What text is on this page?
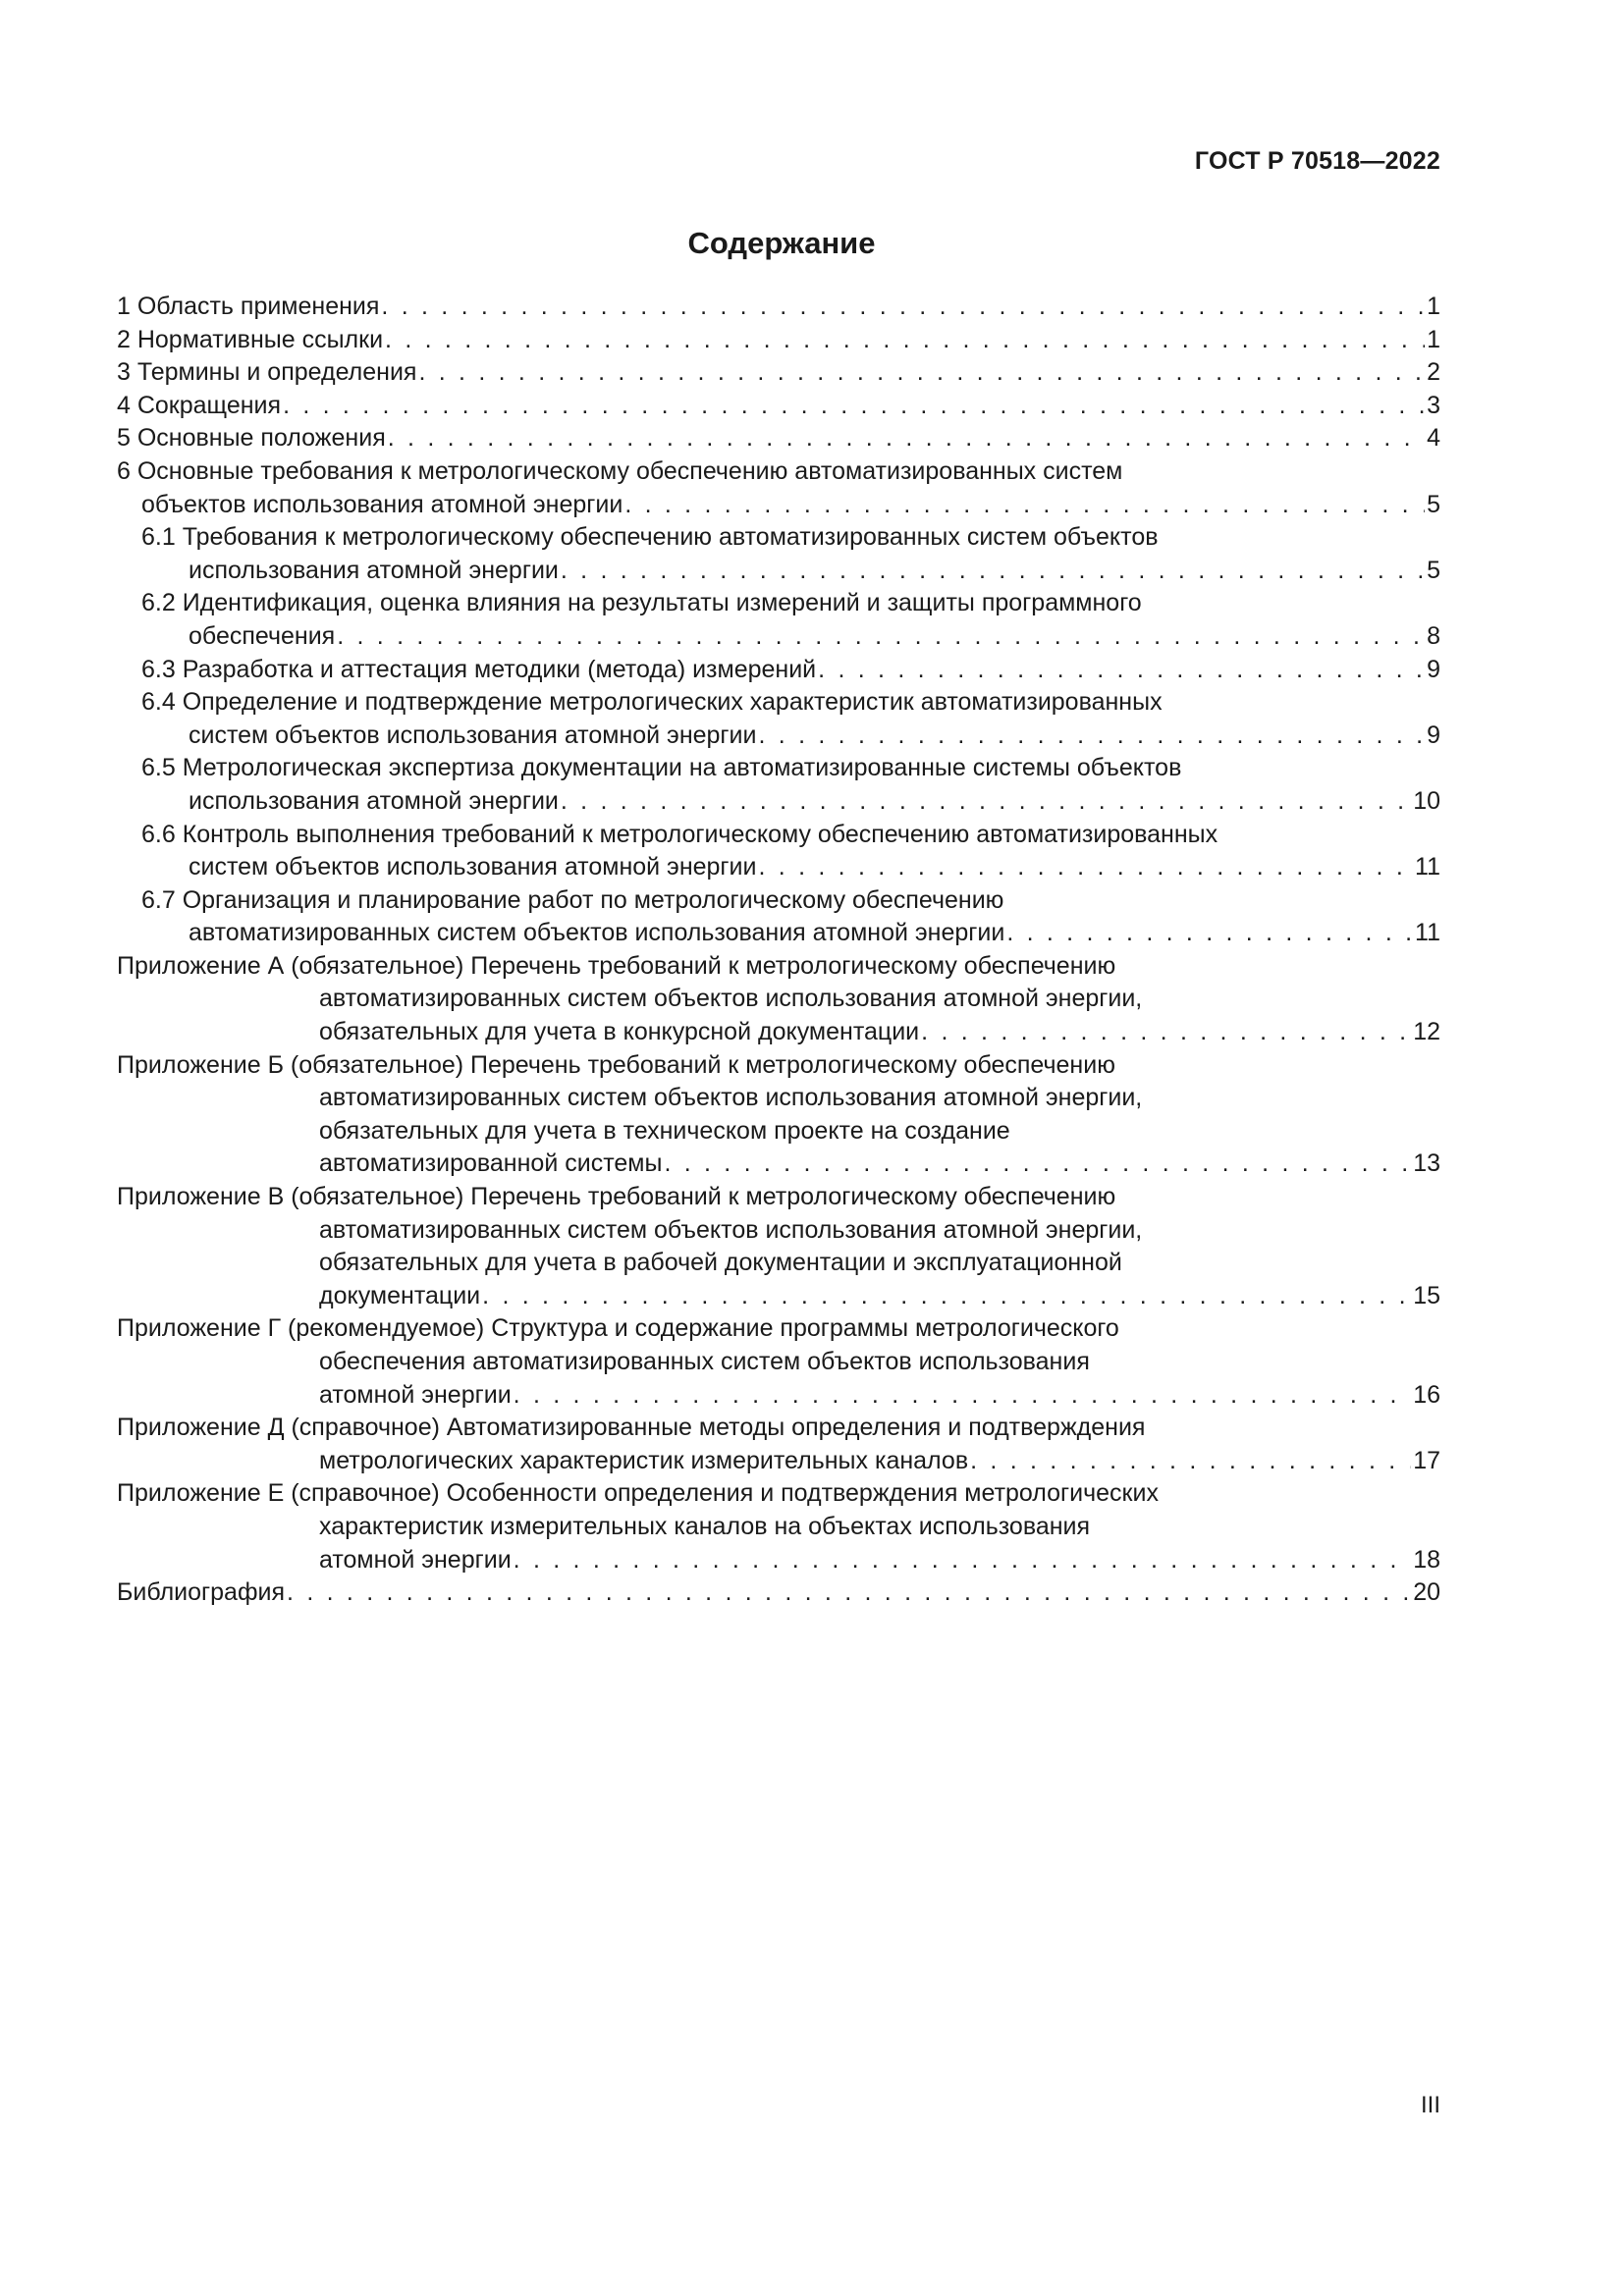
ГОСТ Р 70518—2022
Содержание
1 Область применения . . .	1
2 Нормативные ссылки . . .	1
3 Термины и определения . . .	2
4 Сокращения . . .	3
5 Основные положения . . .	4
6 Основные требования к метрологическому обеспечению автоматизированных систем
объектов использования атомной энергии . . .	5
6.1 Требования к метрологическому обеспечению автоматизированных систем объектов
использования атомной энергии . . .	5
6.2 Идентификация, оценка влияния на результаты измерений и защиты программного
обеспечения . . .	8
6.3 Разработка и аттестация методики (метода) измерений . . .	9
6.4 Определение и подтверждение метрологических характеристик автоматизированных
систем объектов использования атомной энергии . . .	9
6.5 Метрологическая экспертиза документации на автоматизированные системы объектов
использования атомной энергии . . .	10
6.6 Контроль выполнения требований к метрологическому обеспечению автоматизированных
систем объектов использования атомной энергии . . .	11
6.7 Организация и планирование работ по метрологическому обеспечению
автоматизированных систем объектов использования атомной энергии . . .	11
Приложение А (обязательное) Перечень требований к метрологическому обеспечению
автоматизированных систем объектов использования атомной энергии,
обязательных для учета в конкурсной документации . . .	12
Приложение Б (обязательное) Перечень требований к метрологическому обеспечению
автоматизированных систем объектов использования атомной энергии,
обязательных для учета в техническом проекте на создание
автоматизированной системы . . .	13
Приложение В (обязательное) Перечень требований к метрологическому обеспечению
автоматизированных систем объектов использования атомной энергии,
обязательных для учета в рабочей документации и эксплуатационной
документации . . .	15
Приложение Г (рекомендуемое) Структура и содержание программы метрологического
обеспечения автоматизированных систем объектов использования
атомной энергии . . .	16
Приложение Д (справочное) Автоматизированные методы определения и подтверждения
метрологических характеристик измерительных каналов . . .	17
Приложение Е (справочное) Особенности определения и подтверждения метрологических
характеристик измерительных каналов на объектах использования
атомной энергии . . .	18
Библиография . . .	20
III
